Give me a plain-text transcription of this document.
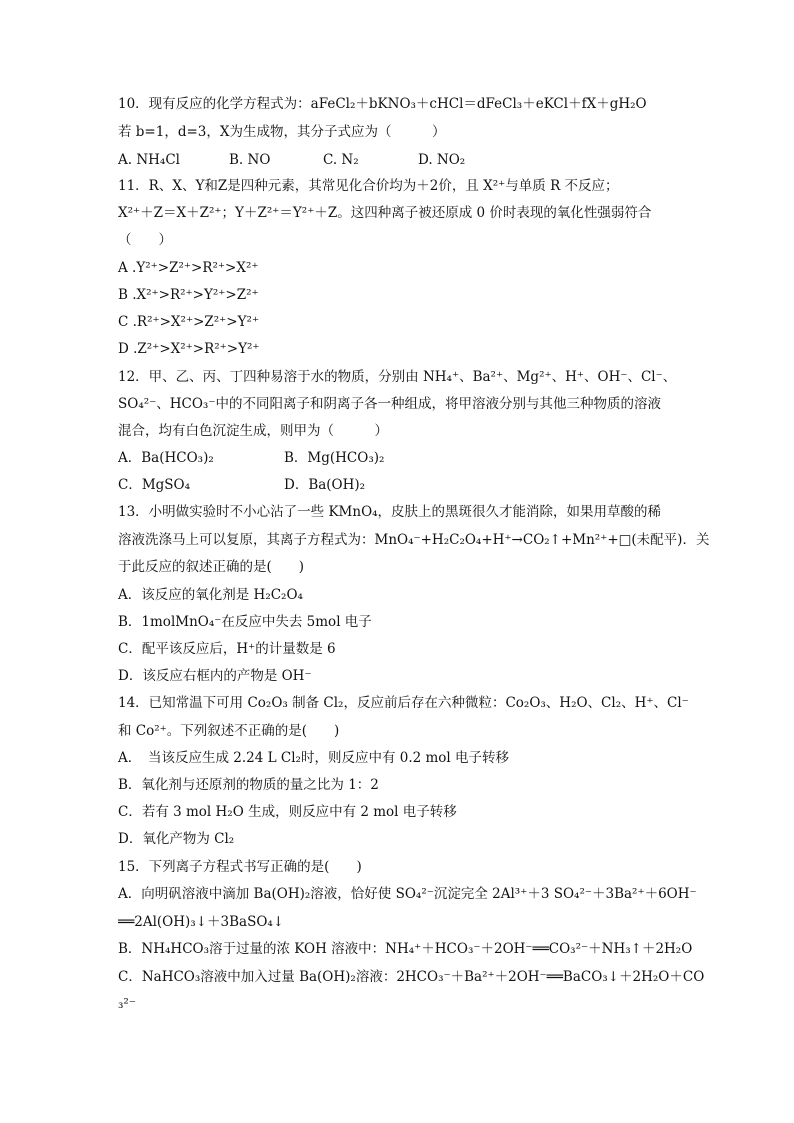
10．现有反应的化学方程式为：aFeCl₂＋bKNO₃＋cHCl＝dFeCl₃＋eKCl＋fX＋gH₂O
若 b=1，d=3，X为生成物，其分子式应为（　　　）
11．R、X、Y和Z是四种元素，其常见化合价均为＋2价，且 X²⁺与单质 R 不反应；
X²⁺＋Z＝X＋Z²⁺；Y＋Z²⁺＝Y²⁺＋Z。这四种离子被还原成 0 价时表现的氧化性强弱符合
（　　）
A .Y²⁺>Z²⁺>R²⁺>X²⁺
B .X²⁺>R²⁺>Y²⁺>Z²⁺
C .R²⁺>X²⁺>Z²⁺>Y²⁺
D .Z²⁺>X²⁺>R²⁺>Y²⁺
12．甲、乙、丙、丁四种易溶于水的物质，分别由 NH₄⁺、Ba²⁺、Mg²⁺、H⁺、OH⁻、Cl⁻、
SO₄²⁻、HCO₃⁻中的不同阳离子和阴离子各一种组成，将甲溶液分别与其他三种物质的溶液
混合，均有白色沉淀生成，则甲为（　　　）
13．小明做实验时不小心沾了一些 KMnO₄，皮肤上的黑斑很久才能消除，如果用草酸的稀
溶液洗涤马上可以复原，其离子方程式为：MnO₄⁻+H₂C₂O₄+H⁺→CO₂↑+Mn²⁺+□(未配平)．关
于此反应的叙述正确的是(　　)
A．该反应的氧化剂是 H₂C₂O₄
B．1molMnO₄⁻在反应中失去 5mol 电子
C．配平该反应后，H⁺的计量数是 6
D．该反应右框内的产物是 OH⁻
14．已知常温下可用 Co₂O₃ 制备 Cl₂，反应前后存在六种微粒：Co₂O₃、H₂O、Cl₂、H⁺、Cl⁻
和 Co²⁺。下列叙述不正确的是(　　)
A．　当该反应生成 2.24 L Cl₂时，则反应中有 0.2 mol 电子转移
B．氧化剂与还原剂的物质的量之比为 1：2
C．若有 3 mol H₂O 生成，则反应中有 2 mol 电子转移
D．氧化产物为 Cl₂
15．下列离子方程式书写正确的是(　　)
A．向明矾溶液中滴加 Ba(OH)₂溶液，恰好使 SO₄²⁻沉淀完全 2Al³⁺＋3 SO₄²⁻＋3Ba²⁺＋6OH⁻
══2Al(OH)₃↓＋3BaSO₄↓
B．NH₄HCO₃溶于过量的浓 KOH 溶液中：NH₄⁺＋HCO₃⁻＋2OH⁻══CO₃²⁻＋NH₃↑＋2H₂O
C．NaHCO₃溶液中加入过量 Ba(OH)₂溶液：2HCO₃⁻＋Ba²⁺＋2OH⁻══BaCO₃↓＋2H₂O＋CO
₃²⁻
A. NH₄Cl	B. NO	C. N₂	D. NO₂
A．Ba(HCO₃)₂	B．Mg(HCO₃)₂
C．MgSO₄	D．Ba(OH)₂
